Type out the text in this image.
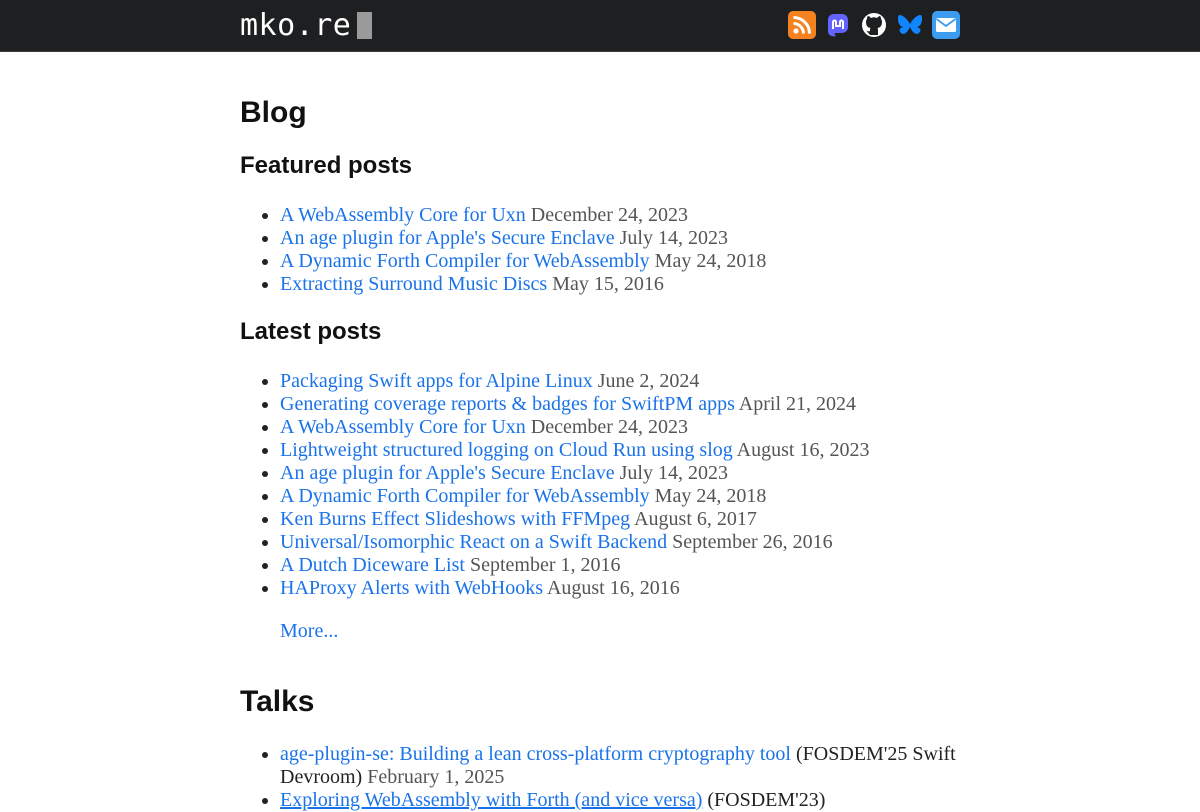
mko.re
Blog
Featured posts
• A WebAssembly Core for Uxn December 24, 2023
• An age plugin for Apple's Secure Enclave July 14, 2023
• A Dynamic Forth Compiler for WebAssembly May 24, 2018
• Extracting Surround Music Discs May 15, 2016
Latest posts
• Packaging Swift apps for Alpine Linux June 2, 2024
• Generating coverage reports & badges for SwiftPM apps April 21, 2024
• A WebAssembly Core for Uxn December 24, 2023
• Lightweight structured logging on Cloud Run using slog August 16, 2023
• An age plugin for Apple's Secure Enclave July 14, 2023
• A Dynamic Forth Compiler for WebAssembly May 24, 2018
• Ken Burns Effect Slideshows with FFMpeg August 6, 2017
• Universal/Isomorphic React on a Swift Backend September 26, 2016
• A Dutch Diceware List September 1, 2016
• HAProxy Alerts with WebHooks August 16, 2016
More...
Talks
• age-plugin-se: Building a lean cross-platform cryptography tool (FOSDEM'25 Swift Devroom) February 1, 2025
• Exploring WebAssembly with Forth (and vice versa) (FOSDEM'23)
